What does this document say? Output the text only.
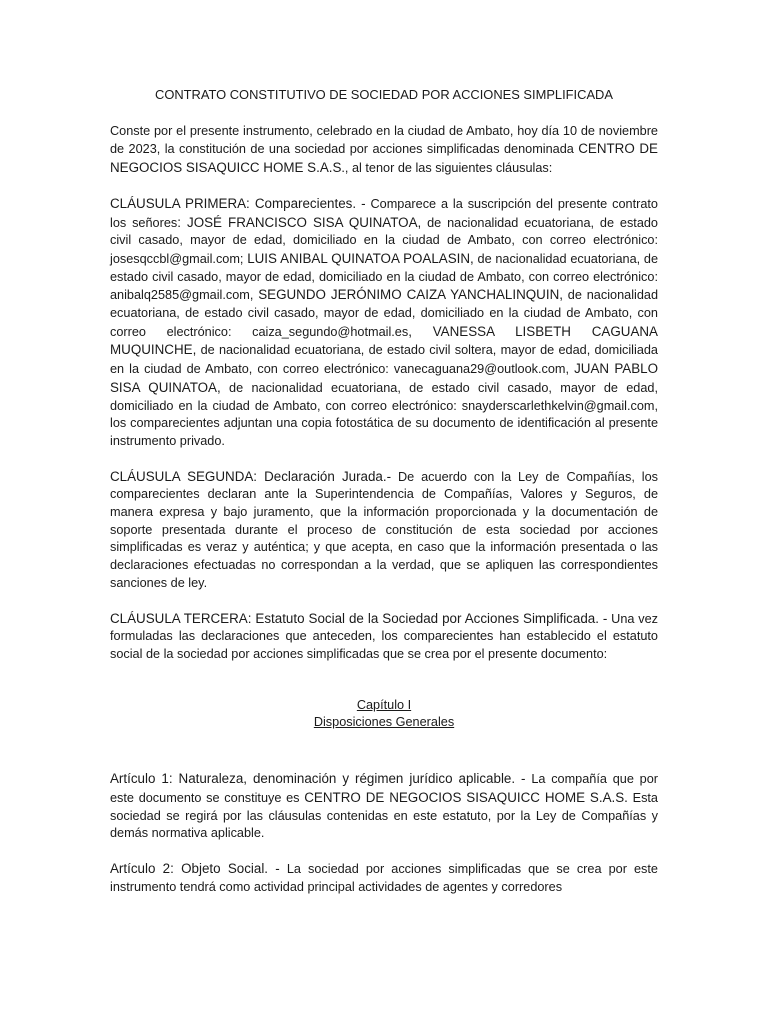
CONTRATO CONSTITUTIVO DE SOCIEDAD POR ACCIONES SIMPLIFICADA

Conste por el presente instrumento, celebrado en la ciudad de Ambato, hoy día 10 de noviembre de 2023, la constitución de una sociedad por acciones simplificadas denominada CENTRO DE NEGOCIOS SISAQUICC HOME S.A.S., al tenor de las siguientes cláusulas:

CLÁUSULA PRIMERA: Comparecientes. - Comparece a la suscripción del presente contrato los señores: JOSÉ FRANCISCO SISA QUINATOA, de nacionalidad ecuatoriana, de estado civil casado, mayor de edad, domiciliado en la ciudad de Ambato, con correo electrónico: josesqccbl@gmail.com; LUIS ANIBAL QUINATOA POALASIN, de nacionalidad ecuatoriana, de estado civil casado, mayor de edad, domiciliado en la ciudad de Ambato, con correo electrónico: anibalq2585@gmail.com, SEGUNDO JERÓNIMO CAIZA YANCHALINQUIN, de nacionalidad ecuatoriana, de estado civil casado, mayor de edad, domiciliado en la ciudad de Ambato, con correo electrónico: caiza_segundo@hotmail.es, VANESSA LISBETH CAGUANA MUQUINCHE, de nacionalidad ecuatoriana, de estado civil soltera, mayor de edad, domiciliada en la ciudad de Ambato, con correo electrónico: vanecaguana29@outlook.com, JUAN PABLO SISA QUINATOA, de nacionalidad ecuatoriana, de estado civil casado, mayor de edad, domiciliado en la ciudad de Ambato, con correo electrónico: snayderscarlethkelvin@gmail.com, los comparecientes adjuntan una copia fotostática de su documento de identificación al presente instrumento privado.

CLÁUSULA SEGUNDA: Declaración Jurada.- De acuerdo con la Ley de Compañías, los comparecientes declaran ante la Superintendencia de Compañías, Valores y Seguros, de manera expresa y bajo juramento, que la información proporcionada y la documentación de soporte presentada durante el proceso de constitución de esta sociedad por acciones simplificadas es veraz y auténtica; y que acepta, en caso que la información presentada o las declaraciones efectuadas no correspondan a la verdad, que se apliquen las correspondientes sanciones de ley.

CLÁUSULA TERCERA: Estatuto Social de la Sociedad por Acciones Simplificada. - Una vez formuladas las declaraciones que anteceden, los comparecientes han establecido el estatuto social de la sociedad por acciones simplificadas que se crea por el presente documento:

Capítulo I
Disposiciones Generales

Artículo 1: Naturaleza, denominación y régimen jurídico aplicable. - La compañía que por este documento se constituye es CENTRO DE NEGOCIOS SISAQUICC HOME S.A.S. Esta sociedad se regirá por las cláusulas contenidas en este estatuto, por la Ley de Compañías y demás normativa aplicable.

Artículo 2: Objeto Social. - La sociedad por acciones simplificadas que se crea por este instrumento tendrá como actividad principal actividades de agentes y corredores
